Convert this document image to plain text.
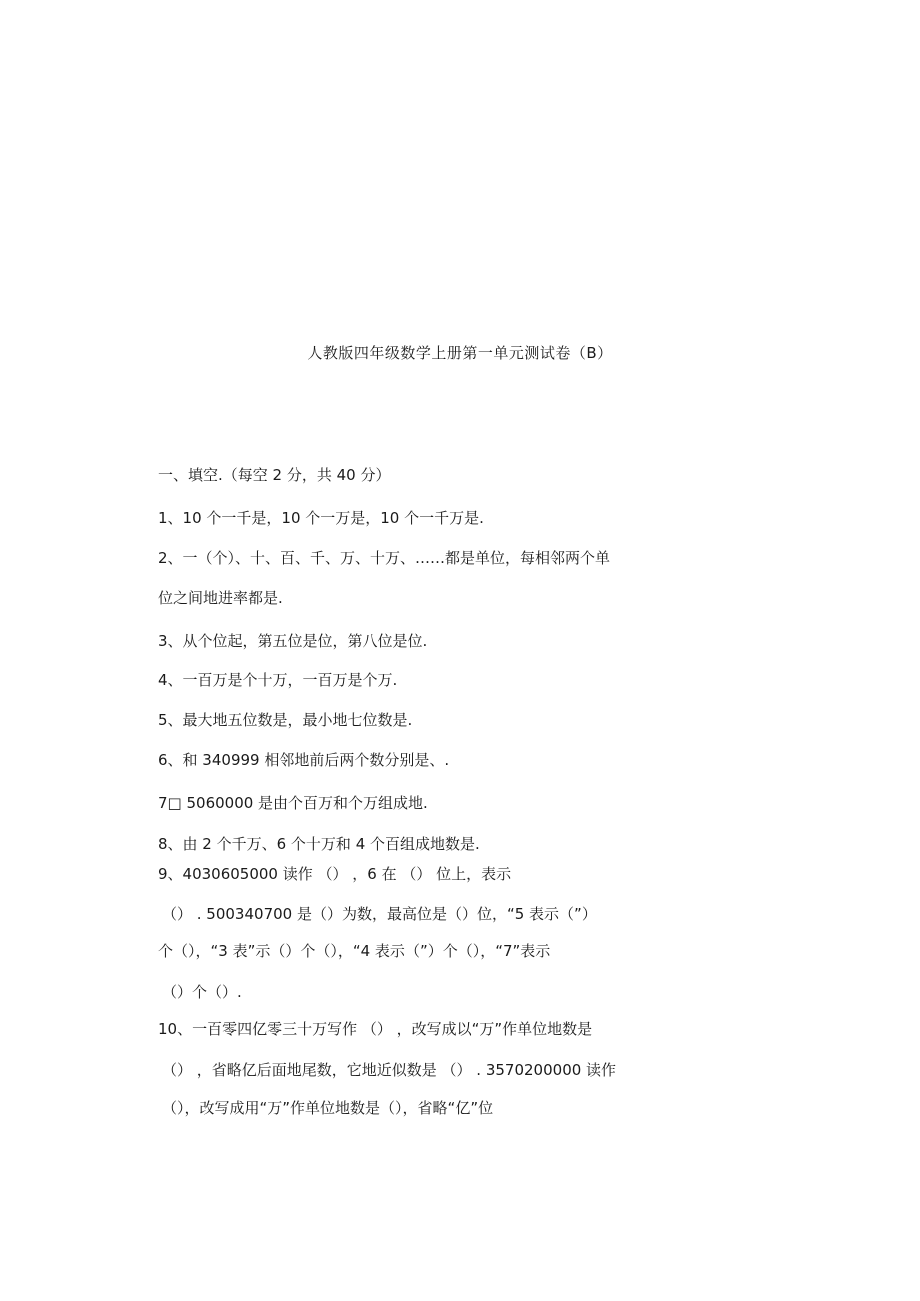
人教版四年级数学上册第一单元测试卷（B）
一、填空.（每空 2 分，共 40 分）
1、10 个一千是，10 个一万是，10 个一千万是.
2、一（个）、十、百、千、万、十万、……都是单位，每相邻两个单
位之间地进率都是.
3、从个位起，第五位是位，第八位是位.
4、一百万是个十万，一百万是个万.
5、最大地五位数是，最小地七位数是.
6、和 340999 相邻地前后两个数分别是、.
7□ 5060000 是由个百万和个万组成地.
8、由 2 个千万、6 个十万和 4 个百组成地数是.
9、4030605000 读作 （） ，6 在 （） 位上，表示
（） . 500340700 是（）为数，最高位是（）位，“5 表示（”）
个（），“3 表”示（）个（），“4 表示（”）个（），“7”表示
（）个（）.
10、一百零四亿零三十万写作 （） ，改写成以“万”作单位地数是
（） ，省略亿后面地尾数，它地近似数是 （） . 3570200000 读作
（），改写成用“万”作单位地数是（），省略“亿”位
